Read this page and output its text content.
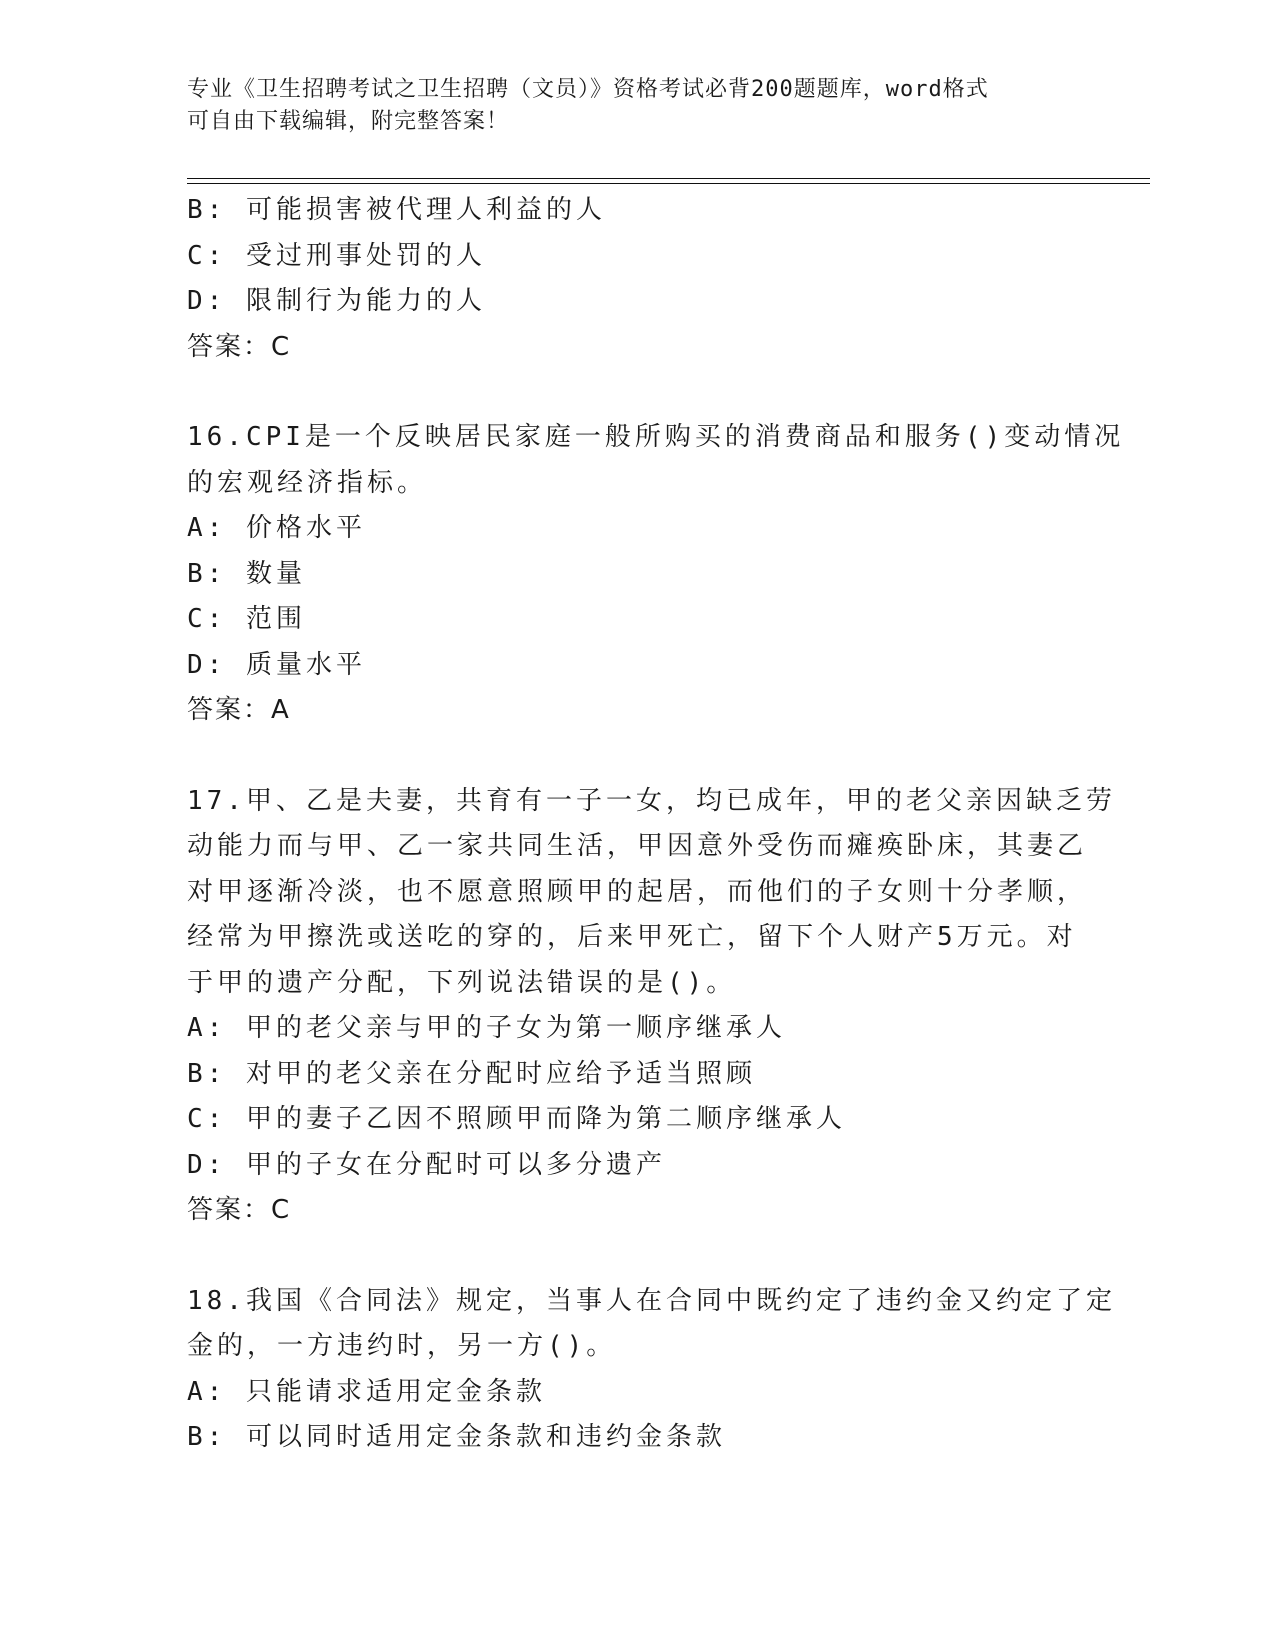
专业《卫生招聘考试之卫生招聘（文员）》资格考试必背200题题库，word格式
可自由下载编辑，附完整答案！
B: 可能损害被代理人利益的人
C: 受过刑事处罚的人
D: 限制行为能力的人
答案：C
16.CPI是一个反映居民家庭一般所购买的消费商品和服务()变动情况
的宏观经济指标。
A: 价格水平
B: 数量
C: 范围
D: 质量水平
答案：A
17.甲、乙是夫妻，共育有一子一女，均已成年，甲的老父亲因缺乏劳
动能力而与甲、乙一家共同生活，甲因意外受伤而瘫痪卧床，其妻乙
对甲逐渐冷淡，也不愿意照顾甲的起居，而他们的子女则十分孝顺，
经常为甲擦洗或送吃的穿的，后来甲死亡，留下个人财产5万元。对
于甲的遗产分配，下列说法错误的是()。
A: 甲的老父亲与甲的子女为第一顺序继承人
B: 对甲的老父亲在分配时应给予适当照顾
C: 甲的妻子乙因不照顾甲而降为第二顺序继承人
D: 甲的子女在分配时可以多分遗产
答案：C
18.我国《合同法》规定，当事人在合同中既约定了违约金又约定了定
金的，一方违约时，另一方()。
A: 只能请求适用定金条款
B: 可以同时适用定金条款和违约金条款
